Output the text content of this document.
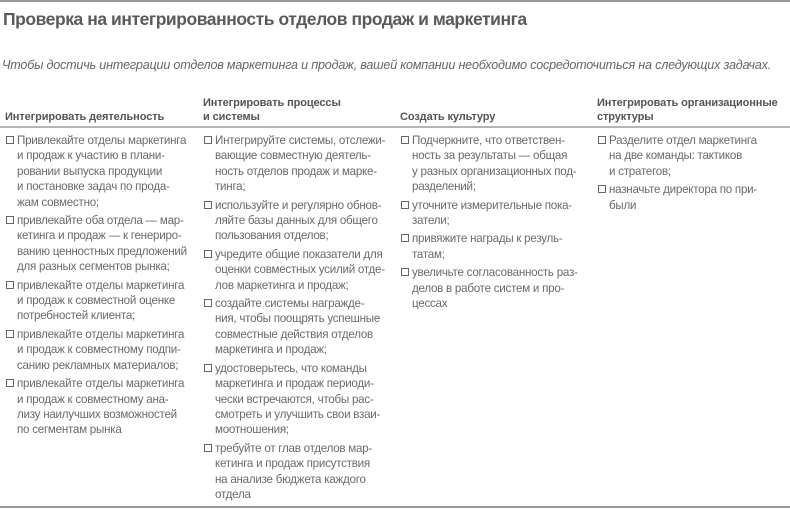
Проверка на интегрированность отделов продаж и маркетинга
Чтобы достичь интеграции отделов маркетинга и продаж, вашей компании необходимо сосредоточиться на следующих задачах.
Интегрировать деятельность
Привлекайте отделы маркетинга
и продаж к участию в плани-
ровании выпуска продукции
и постановке задач по прода-
жам совместно;
привлекайте оба отдела — мар-
кетинга и продаж — к генериро-
ванию ценностных предложений
для разных сегментов рынка;
привлекайте отделы маркетинга
и продаж к совместной оценке
потребностей клиента;
привлекайте отделы маркетинга
и продаж к совместному подпи-
санию рекламных материалов;
привлекайте отделы маркетинга
и продаж к совместному ана-
лизу наилучших возможностей
по сегментам рынка
Интегрировать процессы
и системы
Интегрируйте системы, отслежи-
вающие совместную деятель-
ность отделов продаж и марке-
тинга;
используйте и регулярно обнов-
ляйте базы данных для общего
пользования отделов;
учредите общие показатели для
оценки совместных усилий отде-
лов маркетинга и продаж;
создайте системы награжде-
ния, чтобы поощрять успешные
совместные действия отделов
маркетинга и продаж;
удостоверьтесь, что команды
маркетинга и продаж периоди-
чески встречаются, чтобы рас-
смотреть и улучшить свои взаи-
моотношения;
требуйте от глав отделов мар-
кетинга и продаж присутствия
на анализе бюджета каждого
отдела
Создать культуру
Подчеркните, что ответствен-
ность за результаты — общая
у разных организационных под-
разделений;
уточните измерительные пока-
затели;
привяжите награды к резуль-
татам;
увеличьте согласованность раз-
делов в работе систем и про-
цессах
Интегрировать организационные
структуры
Разделите отдел маркетинга
на две команды: тактиков
и стратегов;
назначьте директора по при-
были
